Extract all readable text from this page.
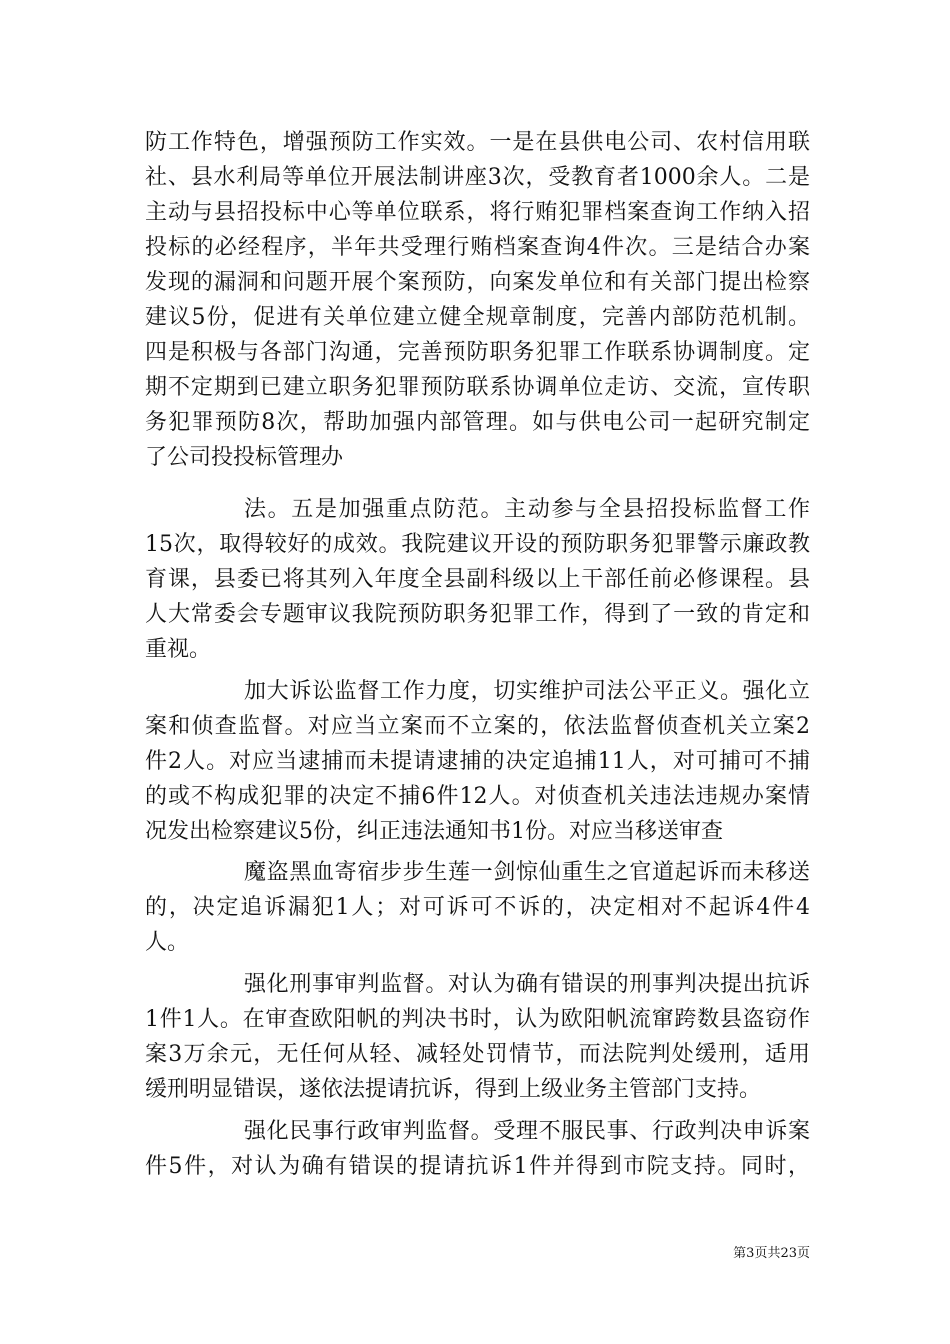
防工作特色，增强预防工作实效。一是在县供电公司、农村信用联
社、县水利局等单位开展法制讲座3次，受教育者1000余人。二是
主动与县招投标中心等单位联系，将行贿犯罪档案查询工作纳入招
投标的必经程序，半年共受理行贿档案查询4件次。三是结合办案
发现的漏洞和问题开展个案预防，向案发单位和有关部门提出检察
建议5份，促进有关单位建立健全规章制度，完善内部防范机制。
四是积极与各部门沟通，完善预防职务犯罪工作联系协调制度。定
期不定期到已建立职务犯罪预防联系协调单位走访、交流，宣传职
务犯罪预防8次，帮助加强内部管理。如与供电公司一起研究制定
了公司投投标管理办
法。五是加强重点防范。主动参与全县招投标监督工作
15次，取得较好的成效。我院建议开设的预防职务犯罪警示廉政教
育课，县委已将其列入年度全县副科级以上干部任前必修课程。县
人大常委会专题审议我院预防职务犯罪工作，得到了一致的肯定和
重视。
加大诉讼监督工作力度，切实维护司法公平正义。强化立
案和侦查监督。对应当立案而不立案的，依法监督侦查机关立案2
件2人。对应当逮捕而未提请逮捕的决定追捕11人，对可捕可不捕
的或不构成犯罪的决定不捕6件12人。对侦查机关违法违规办案情
况发出检察建议5份，纠正违法通知书1份。对应当移送审查
魔盗黑血寄宿步步生莲一剑惊仙重生之官道起诉而未移送
的，决定追诉漏犯1人；对可诉可不诉的，决定相对不起诉4件4
人。
强化刑事审判监督。对认为确有错误的刑事判决提出抗诉
1件1人。在审查欧阳帆的判决书时，认为欧阳帆流窜跨数县盗窃作
案3万余元，无任何从轻、减轻处罚情节，而法院判处缓刑，适用
缓刑明显错误，遂依法提请抗诉，得到上级业务主管部门支持。
强化民事行政审判监督。受理不服民事、行政判决申诉案
件5件，对认为确有错误的提请抗诉1件并得到市院支持。同时，
第3页共23页
